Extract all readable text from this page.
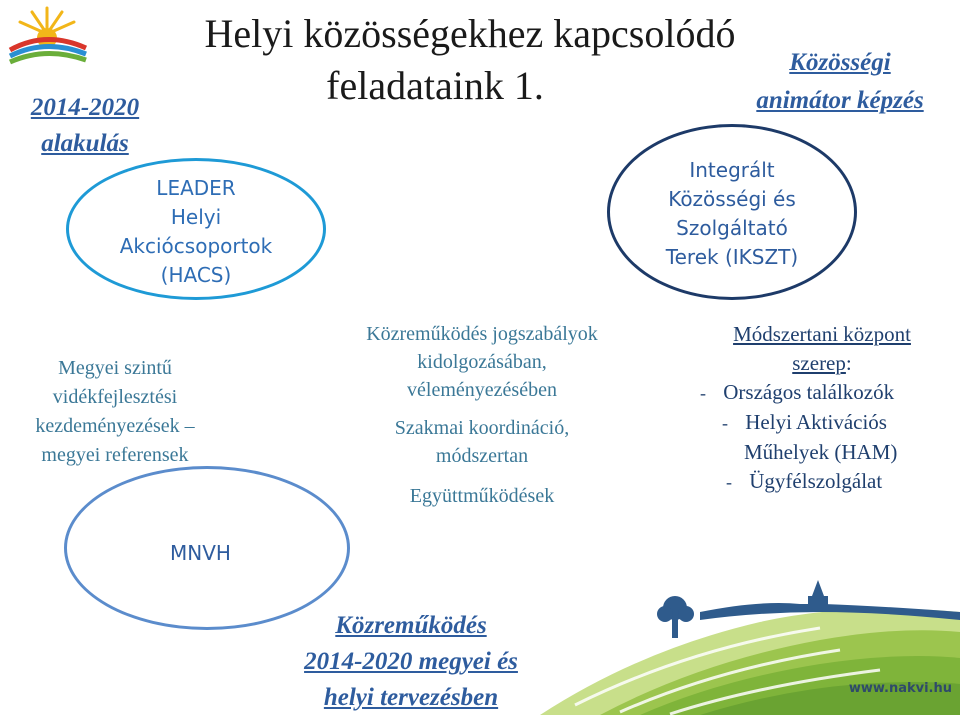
Helyi közösségekhez kapcsolódó
feladataink 1.
2014-2020
alakulás
Közösségi
animátor képzés
LEADER
Helyi
Akciócsoportok
(HACS)
Integrált
Közösségi és
Szolgáltató
Terek (IKSZT)
Megyei szintű
vidékfejlesztési
kezdeményezések –
megyei referensek
Közreműködés jogszabályok
kidolgozásában,
véleményezésében
Szakmai koordináció,
módszertan
Együttműködések
Módszertani központ
szerep:
- Országos találkozók
- Helyi Aktivációs
Műhelyek (HAM)
- Ügyfélszolgálat
MNVH
Közreműködés
2014-2020 megyei és
helyi tervezésben	www.nakvi.hu
